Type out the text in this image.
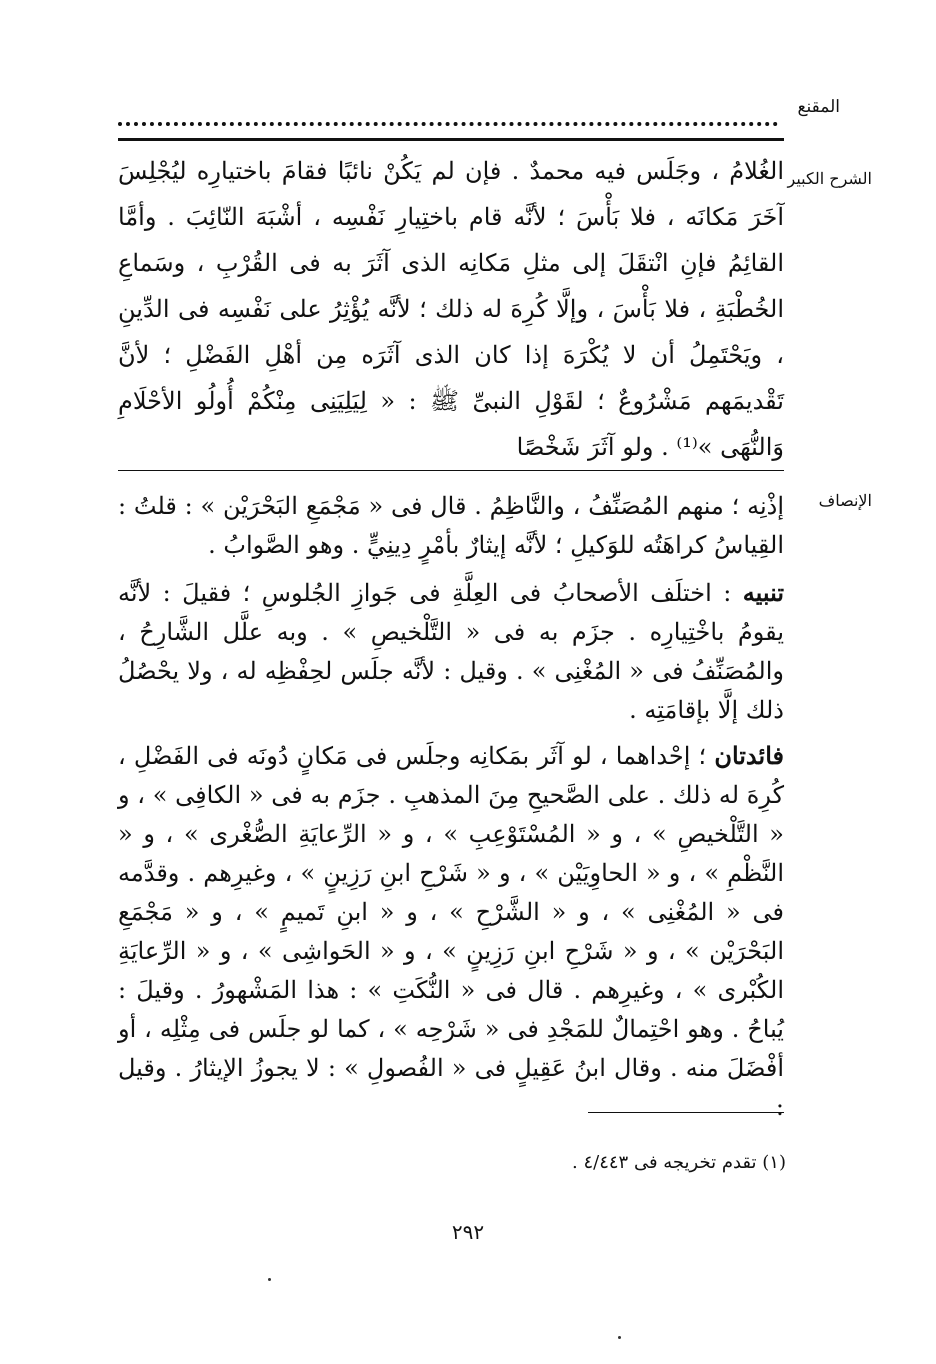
المقنع
الشرح الكبير

الغُلامُ ، وجَلَس فيه محمدٌ . فإن لم يَكُنْ نائبًا فقامَ باختيارِه ليُجْلِسَ آخَرَ مَكانَه ، فلا بَأْسَ ؛ لأنَّه قام باختِيارِ نَفْسِه ، أشْبَهَ النّائِبَ . وأمَّا القائِمُ فإنِ انْتقَلَ إلى مثلِ مَكانِه الذى آثَرَ به فى القُرْبِ ، وسَماعِ الخُطْبَةِ ، فلا بَأْسَ ، وإلَّا كُرِهَ له ذلك ؛ لأنَّه يُؤْثِرُ على نَفْسِه فى الدِّينِ ، ويَحْتَمِلُ أن لا يُكْرَهَ إذا كان الذى آثَرَه مِن أهْلِ الفَضْلِ ؛ لأنَّ تَقْديمَهم مَشْرُوعٌ ؛ لقَوْلِ النبىِّ ﷺ : « لِيَلِيَنِى مِنْكُمْ أُولُو الأحْلَامِ وَالنُّهَى »⁽¹⁾ . ولو آثَرَ شَخْصًا

الإنصاف

إذْنِه ؛ منهم المُصَنِّفُ ، والنَّاظِمُ . قال فى « مَجْمَعِ البَحْرَيْن » : قلتُ : القِياسُ كراهَتُه للوَكيلِ ؛ لأنَّه إيثارٌ بأمْرٍ دِينِيٍّ . وهو الصَّوابُ .

تنبيه : اختلَف الأصحابُ فى العِلَّةِ فى جَوازِ الجُلوسِ ؛ فقيلَ : لأنَّه يقومُ باخْتِيارِه . جزَم به فى « التَّلْخيصِ » . وبه علَّل الشَّارِحُ ، والمُصَنِّفُ فى « المُغْنِى » . وقيل : لأنَّه جلَس لحِفْظِه له ، ولا يحْصُلُ ذلك إلَّا بإقامَتِه .

فائدتان ؛ إحْداهما ، لو آثَر بمَكانِه وجلَس فى مَكانٍ دُونَه فى الفَضْلِ ، كُرِهَ له ذلك . على الصَّحيحِ مِنَ المذهبِ . جزَم به فى « الكافِى » ، و « التَّلْخيصِ » ، و « المُسْتَوْعِبِ » ، و « الرِّعايَةِ الصُّغْرى » ، و « النَّظْمِ » ، و « الحاوِيَيْن » ، و « شَرْحِ ابنِ رَزِينٍ » ، وغيرِهم . وقدَّمه فى « المُغْنِى » ، و « الشَّرْحِ » ، و « ابنِ تَميمٍ » ، و « مَجْمَعِ البَحْرَيْن » ، و « شَرْحِ ابنِ رَزِينٍ » ، و « الحَواشِى » ، و « الرِّعايَةِ الكُبْرى » ، وغيرِهم . قال فى « النُّكَتِ » : هذا المَشْهورُ . وقيلَ : يُباحُ . وهو احْتِمالٌ للمَجْدِ فى « شَرْحِه » ، كما لو جلَس فى مِثْلِه ، أو أفْضَلَ منه . وقال ابنُ عَقِيلٍ فى « الفُصولِ » : لا يجوزُ الإيثارُ . وقيل :

(١) تقدم تخريجه فى ٤/٤٤٣ .
٢٩٢
